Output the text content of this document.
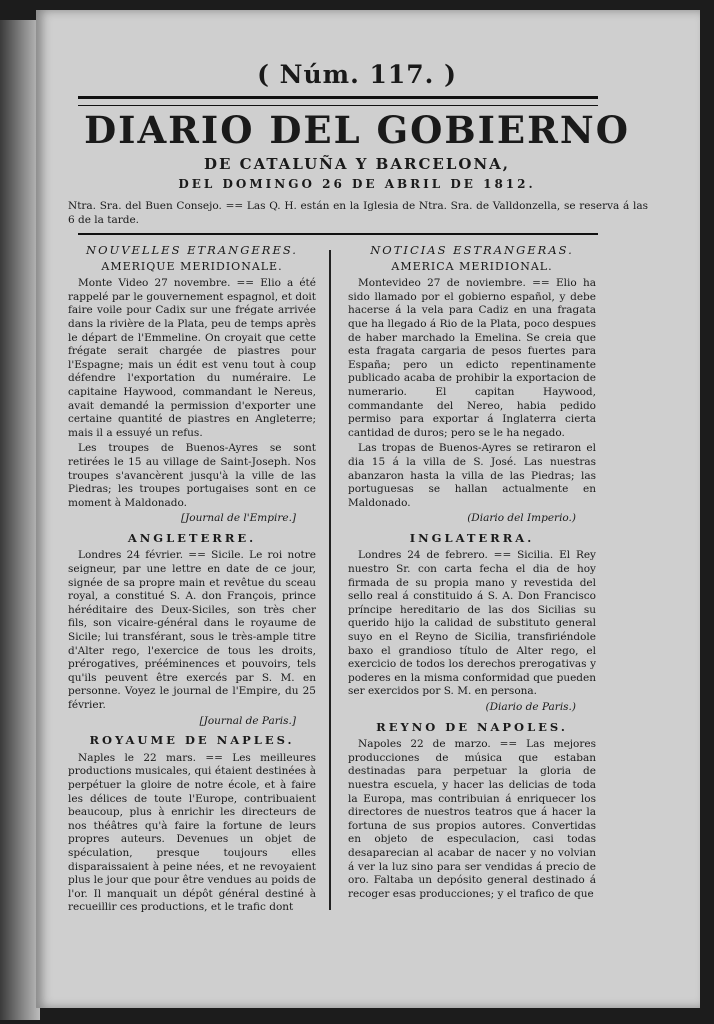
( Núm. 117. )
DIARIO DEL GOBIERNO
DE CATALUÑA Y BARCELONA,
DEL DOMINGO 26 DE ABRIL DE 1812.
Ntra. Sra. del Buen Consejo. == Las Q. H. están en la Iglesia de Ntra. Sra. de Valldonzella, se reserva á las 6 de la tarde.
NOUVELLES ETRANGERES.
AMERIQUE MERIDIONALE.

Monte Video 27 novembre. == Elio a été rappelé par le gouvernement espagnol, et doit faire voile pour Cadix sur une frégate arrivée dans la rivière de la Plata, peu de temps après le départ de l'Emmeline. On croyait que cette frégate serait chargée de piastres pour l'Espagne; mais un édit est venu tout à coup défendre l'exportation du numéraire. Le capitaine Haywood, commandant le Nereus, avait demandé la permission d'exporter une certaine quantité de piastres en Angleterre; mais il a essuyé un refus.

Les troupes de Buenos-Ayres se sont retirées le 15 au village de Saint-Joseph. Nos troupes s'avancèrent jusqu'à la ville de las Piedras; les troupes portugaises sont en ce moment à Maldonado.

[Journal de l'Empire.]
ANGLETERRE.

Londres 24 février. == Sicile. Le roi notre seigneur, par une lettre en date de ce jour, signée de sa propre main et revêtue du sceau royal, a constitué S. A. don François, prince héréditaire des Deux-Siciles, son très cher fils, son vicaire-général dans le royaume de Sicile; lui transférant, sous le très-ample titre d'Alter rego, l'exercice de tous les droits, prérogatives, prééminences et pouvoirs, tels qu'ils peuvent être exercés par S. M. en personne. Voyez le journal de l'Empire, du 25 février.

[Journal de Paris.]
ROYAUME DE NAPLES.

Naples le 22 mars. == Les meilleures productions musicales, qui étaient destinées à perpétuer la gloire de notre école, et à faire les délices de toute l'Europe, contribuaient beaucoup, plus à enrichir les directeurs de nos théâtres qu'à faire la fortune de leurs propres auteurs. Devenues un objet de spéculation, presque toujours elles disparaissaient à peine nées, et ne revoyaient plus le jour que pour être vendues au poids de l'or. Il manquait un dépôt général destiné à recueillir ces productions, et le trafic dont

NOTICIAS ESTRANGERAS.
AMERICA MERIDIONAL.

Montevideo 27 de noviembre. == Elio ha sido llamado por el gobierno español, y debe hacerse á la vela para Cadiz en una fragata que ha llegado á Rio de la Plata, poco despues de haber marchado la Emelina. Se creia que esta fragata cargaria de pesos fuertes para España; pero un edicto repentinamente publicado acaba de prohibir la exportacion de numerario. El capitan Haywood, commandante del Nereo, habia pedido permiso para exportar á Inglaterra cierta cantidad de duros; pero se le ha negado.

Las tropas de Buenos-Ayres se retiraron el dia 15 á la villa de S. José. Las nuestras abanzaron hasta la villa de las Piedras; las portuguesas se hallan actualmente en Maldonado.

(Diario del Imperio.)
INGLATERRA.

Londres 24 de febrero. == Sicilia. El Rey nuestro Sr. con carta fecha el dia de hoy firmada de su propia mano y revestida del sello real á constituido á S. A. Don Francisco príncipe hereditario de las dos Sicilias su querido hijo la calidad de substituto general suyo en el Reyno de Sicilia, transfiriéndole baxo el grandioso título de Alter rego, el exercicio de todos los derechos prerogativas y poderes en la misma conformidad que pueden ser exercidos por S. M. en persona.

(Diario de Paris.)
REYNO DE NAPOLES.

Napoles 22 de marzo. == Las mejores producciones de música que estaban destinadas para perpetuar la gloria de nuestra escuela, y hacer las delicias de toda la Europa, mas contribuian á enriquecer los directores de nuestros teatros que á hacer la fortuna de sus propios autores. Convertidas en objeto de especulacion, casi todas desaparecian al acabar de nacer y no volvian á ver la luz sino para ser vendidas á precio de oro. Faltaba un depósito general destinado á recoger esas producciones; y el trafico de que
